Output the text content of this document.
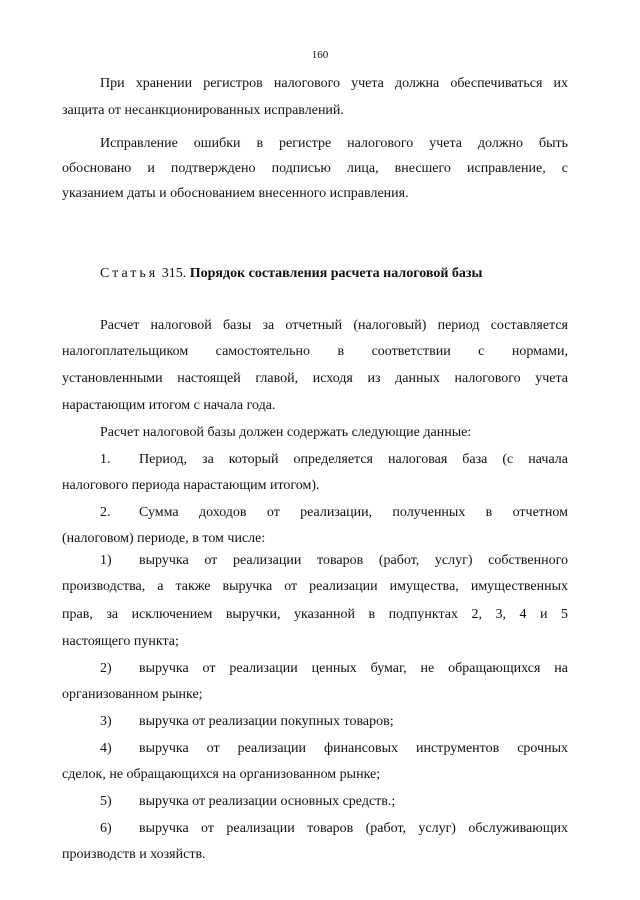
160
При хранении регистров налогового учета должна обеспечиваться их
защита от несанкционированных исправлений.
Исправление ошибки в регистре налогового учета должно быть
обосновано и подтверждено подписью лица, внесшего исправление, с
указанием даты и обоснованием внесенного исправления.
Статья 315. Порядок составления расчета налоговой базы
Расчет налоговой базы за отчетный (налоговый) период составляется
налогоплательщиком самостоятельно в соответствии с нормами,
установленными настоящей главой, исходя из данных налогового учета
нарастающим итогом с начала года.
Расчет налоговой базы должен содержать следующие данные:
1.	Период, за который определяется налоговая база (с начала
налогового периода нарастающим итогом).
2.	Сумма доходов от реализации, полученных в отчетном
(налоговом) периоде, в том числе:
1)	выручка от реализации товаров (работ, услуг) собственного
производства, а также выручка от реализации имущества, имущественных
прав, за исключением выручки, указанной в подпунктах 2, 3, 4 и 5
настоящего пункта;
2)	выручка от реализации ценных бумаг, не обращающихся на
организованном рынке;
3)	выручка от реализации покупных товаров;
4)	выручка от реализации финансовых инструментов срочных
сделок, не обращающихся на организованном рынке;
5)	выручка от реализации основных средств.;
6)	выручка от реализации товаров (работ, услуг) обслуживающих
производств и хозяйств.
